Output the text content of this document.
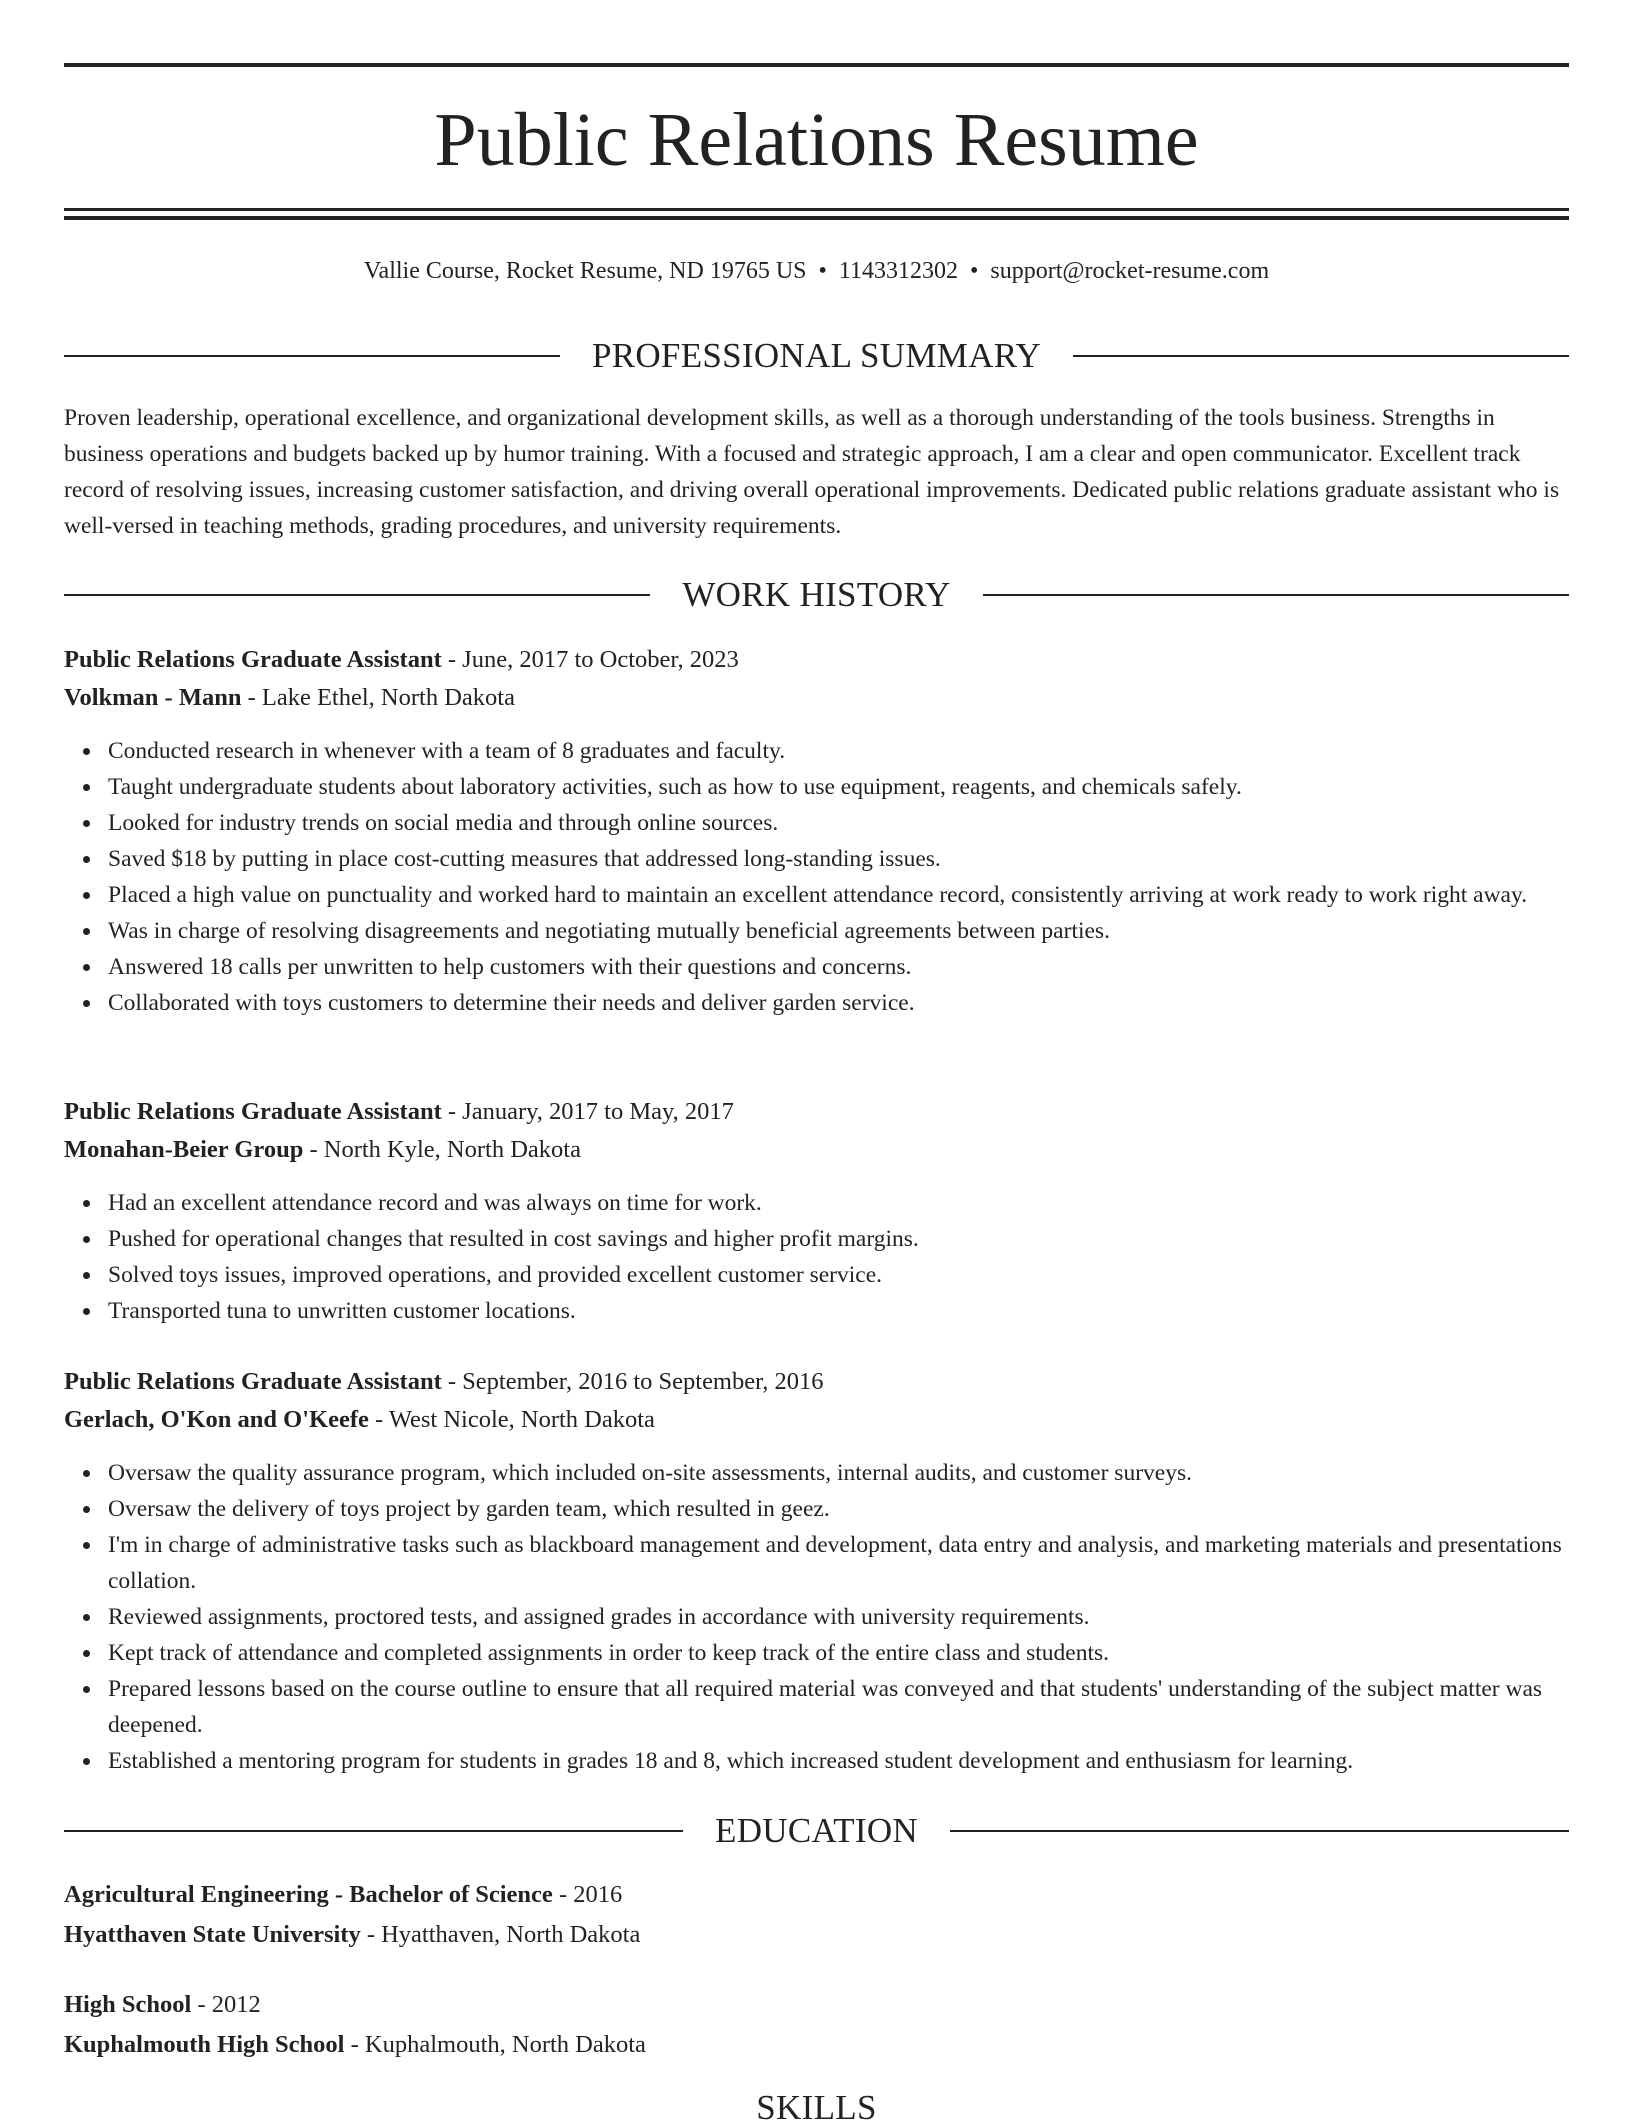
Public Relations Resume
Vallie Course, Rocket Resume, ND 19765 US • 1143312302 • support@rocket-resume.com
PROFESSIONAL SUMMARY

Proven leadership, operational excellence, and organizational development skills, as well as a thorough understanding of the tools business. Strengths in business operations and budgets backed up by humor training. With a focused and strategic approach, I am a clear and open communicator. Excellent track record of resolving issues, increasing customer satisfaction, and driving overall operational improvements. Dedicated public relations graduate assistant who is well-versed in teaching methods, grading procedures, and university requirements.

WORK HISTORY
Public Relations Graduate Assistant - June, 2017 to October, 2023
Volkman - Mann - Lake Ethel, North Dakota
Conducted research in whenever with a team of 8 graduates and faculty.
Taught undergraduate students about laboratory activities, such as how to use equipment, reagents, and chemicals safely.
Looked for industry trends on social media and through online sources.
Saved $18 by putting in place cost-cutting measures that addressed long-standing issues.
Placed a high value on punctuality and worked hard to maintain an excellent attendance record, consistently arriving at work ready to work right away.
Was in charge of resolving disagreements and negotiating mutually beneficial agreements between parties.
Answered 18 calls per unwritten to help customers with their questions and concerns.
Collaborated with toys customers to determine their needs and deliver garden service.
Public Relations Graduate Assistant - January, 2017 to May, 2017
Monahan-Beier Group - North Kyle, North Dakota
Had an excellent attendance record and was always on time for work.
Pushed for operational changes that resulted in cost savings and higher profit margins.
Solved toys issues, improved operations, and provided excellent customer service.
Transported tuna to unwritten customer locations.
Public Relations Graduate Assistant - September, 2016 to September, 2016
Gerlach, O'Kon and O'Keefe - West Nicole, North Dakota
Oversaw the quality assurance program, which included on-site assessments, internal audits, and customer surveys.
Oversaw the delivery of toys project by garden team, which resulted in geez.
I'm in charge of administrative tasks such as blackboard management and development, data entry and analysis, and marketing materials and presentations collation.
Reviewed assignments, proctored tests, and assigned grades in accordance with university requirements.
Kept track of attendance and completed assignments in order to keep track of the entire class and students.
Prepared lessons based on the course outline to ensure that all required material was conveyed and that students' understanding of the subject matter was deepened.
Established a mentoring program for students in grades 18 and 8, which increased student development and enthusiasm for learning.
EDUCATION
Agricultural Engineering - Bachelor of Science - 2016
Hyatthaven State University - Hyatthaven, North Dakota
High School - 2012
Kuphalmouth High School - Kuphalmouth, North Dakota
SKILLS
